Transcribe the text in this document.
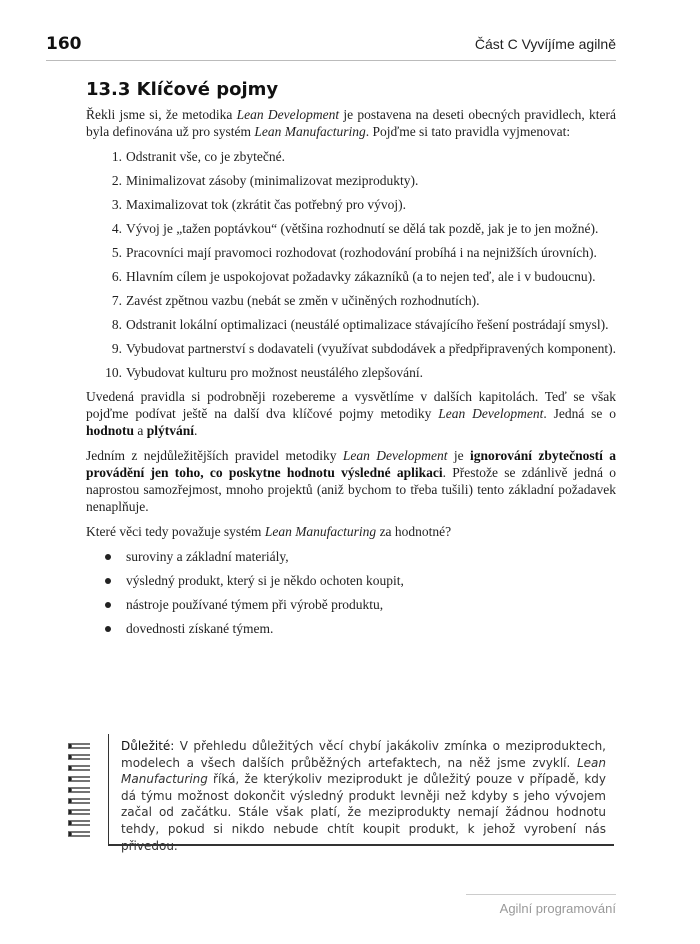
160	Část C Vyvíjíme agilně
13.3 Klíčové pojmy

Řekli jsme si, že metodika Lean Development je postavena na deseti obecných pravidlech, která byla definována už pro systém Lean Manufacturing. Pojďme si tato pravidla vyjmenovat:

1. Odstranit vše, co je zbytečné.
2. Minimalizovat zásoby (minimalizovat meziprodukty).
3. Maximalizovat tok (zkrátit čas potřebný pro vývoj).
4. Vývoj je „tažen poptávkou“ (většina rozhodnutí se dělá tak pozdě, jak je to jen možné).
5. Pracovníci mají pravomoci rozhodovat (rozhodování probíhá i na nejnižších úrovních).
6. Hlavním cílem je uspokojovat požadavky zákazníků (a to nejen teď, ale i v budoucnu).
7. Zavést zpětnou vazbu (nebát se změn v učiněných rozhodnutích).
8. Odstranit lokální optimalizaci (neustálé optimalizace stávajícího řešení postrádají smysl).
9. Vybudovat partnerství s dodavateli (využívat subdodávek a předpřipravených komponent).
10. Vybudovat kulturu pro možnost neustálého zlepšování.

Uvedená pravidla si podrobněji rozebereme a vysvětlíme v dalších kapitolách. Teď se však pojďme podívat ještě na další dva klíčové pojmy metodiky Lean Development. Jedná se o hodnotu a plýtvání.

Jedním z nejdůležitějších pravidel metodiky Lean Development je ignorování zbytečností a provádění jen toho, co poskytne hodnotu výsledné aplikaci. Přestože se zdánlivě jedná o naprostou samozřejmost, mnoho projektů (aniž bychom to třeba tušili) tento základní požadavek nenaplňuje.

Které věci tedy považuje systém Lean Manufacturing za hodnotné?

suroviny a základní materiály,
výsledný produkt, který si je někdo ochoten koupit,
nástroje používané týmem při výrobě produktu,
dovednosti získané týmem.
Důležité: V přehledu důležitých věcí chybí jakákoliv zmínka o meziproduktech, modelech a všech dalších průběžných artefaktech, na něž jsme zvyklí. Lean Manufacturing říká, že kterýkoliv meziprodukt je důležitý pouze v případě, kdy dá týmu možnost dokončit výsledný produkt levněji než kdyby s jeho vývojem začal od začátku. Stále však platí, že meziprodukty nemají žádnou hodnotu tehdy, pokud si nikdo nebude chtít koupit produkt, k jehož vyrobení nás přivedou.
Agilní programování
